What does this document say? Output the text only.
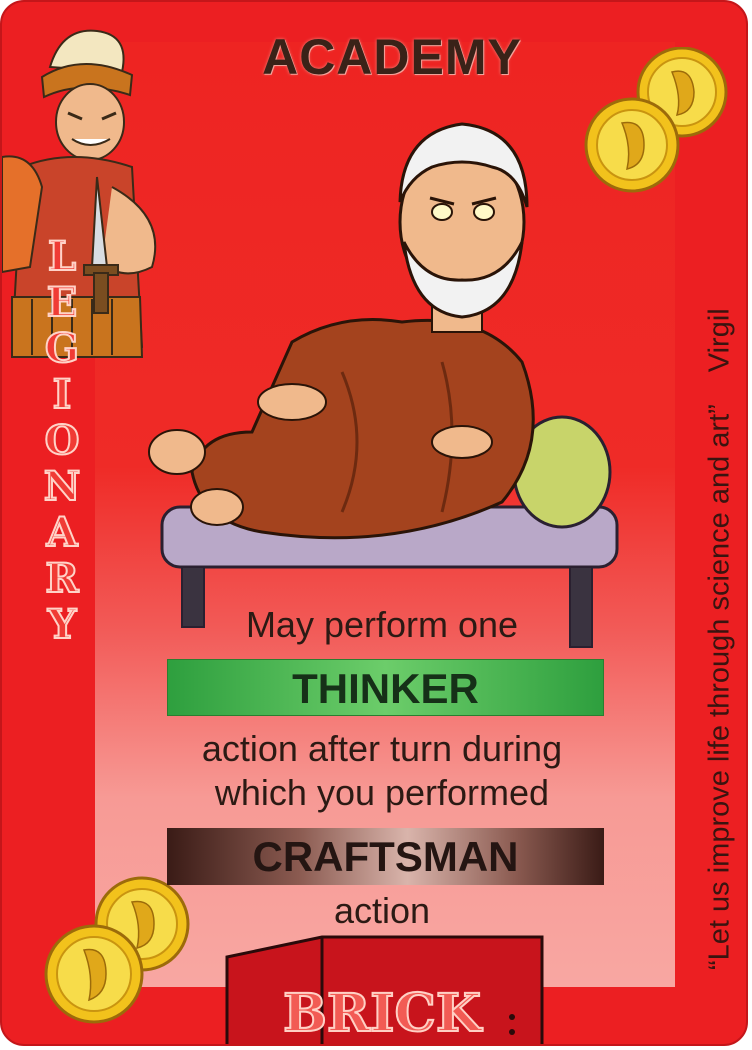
ACADEMY
L
E
G
I
O
N
A
R
Y	“Let us improve life through science and art”Virgil
May perform one
THINKER
action after turn during
which you performed
CRAFTSMAN
action
BRICK
